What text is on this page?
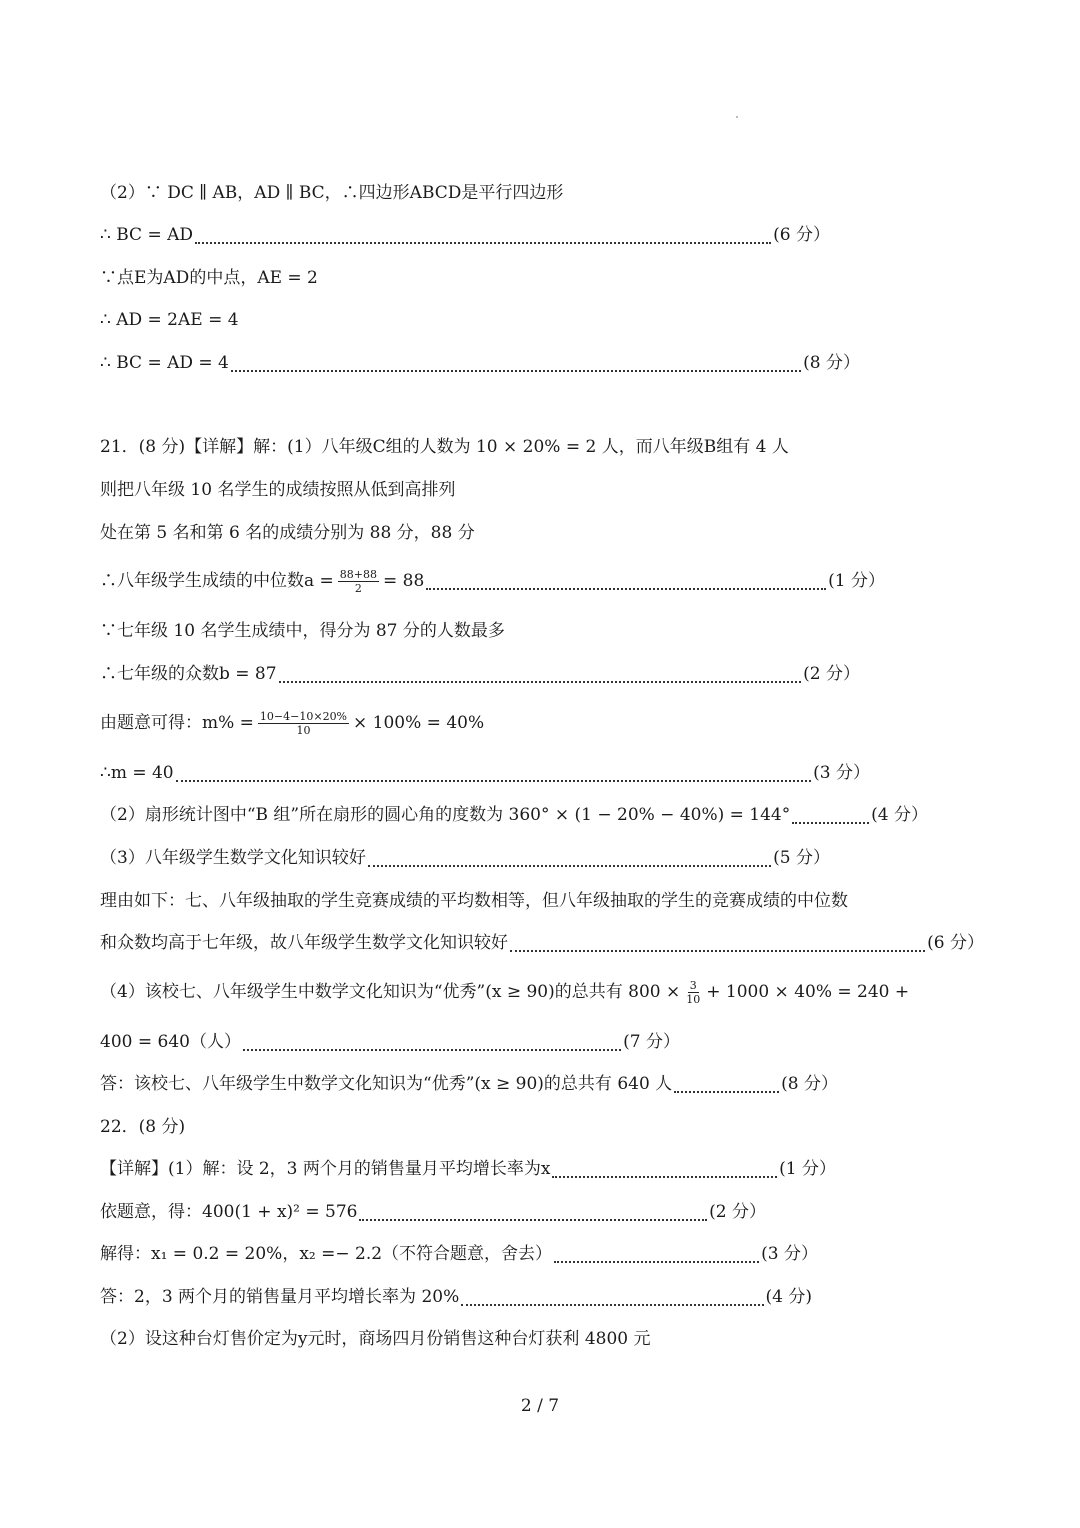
（2）∵ DC ∥ AB，AD ∥ BC，∴四边形ABCD是平行四边形
∴ BC = AD	(6 分）
∵点E为AD的中点，AE = 2
∴ AD = 2AE = 4
∴ BC = AD = 4	(8 分）
21．(8 分)【详解】解：(1）八年级C组的人数为 10 × 20% = 2 人，而八年级B组有 4 人
则把八年级 10 名学生的成绩按照从低到高排列
处在第 5 名和第 6 名的成绩分别为 88 分，88 分
∴八年级学生成绩的中位数$a = \frac{88+88}{2} = 88$	(1 分）
∵七年级 10 名学生成绩中，得分为 87 分的人数最多
∴七年级的众数b = 87	(2 分）
由题意可得：$m\% = \frac{10-4-10\times 20\%}{10} \times 100\% = 40\%$
∴m = 40	(3 分）
（2）扇形统计图中“B 组”所在扇形的圆心角的度数为 360° × (1 − 20% − 40%) = 144°	(4 分）
（3）八年级学生数学文化知识较好	(5 分）
理由如下：七、八年级抽取的学生竞赛成绩的平均数相等，但八年级抽取的学生的竞赛成绩的中位数
和众数均高于七年级，故八年级学生数学文化知识较好	(6 分）
（4）该校七、八年级学生中数学文化知识为“优秀”(x ≥ 90)的总共有 $800 \times \frac{3}{10} + 1000 \times 40\% = 240$ +
400 = 640（人）	(7 分）
答：该校七、八年级学生中数学文化知识为“优秀”(x ≥ 90)的总共有 640 人	(8 分）
22．(8 分)
【详解】(1）解：设 2，3 两个月的销售量月平均增长率为x	(1 分）
依题意，得：400(1 + x)² = 576	(2 分）
解得：x₁ = 0.2 = 20%，x₂ =− 2.2（不符合题意，舍去）	(3 分）
答：2，3 两个月的销售量月平均增长率为 20%	(4 分)
（2）设这种台灯售价定为y元时，商场四月份销售这种台灯获利 4800 元
2 / 7
